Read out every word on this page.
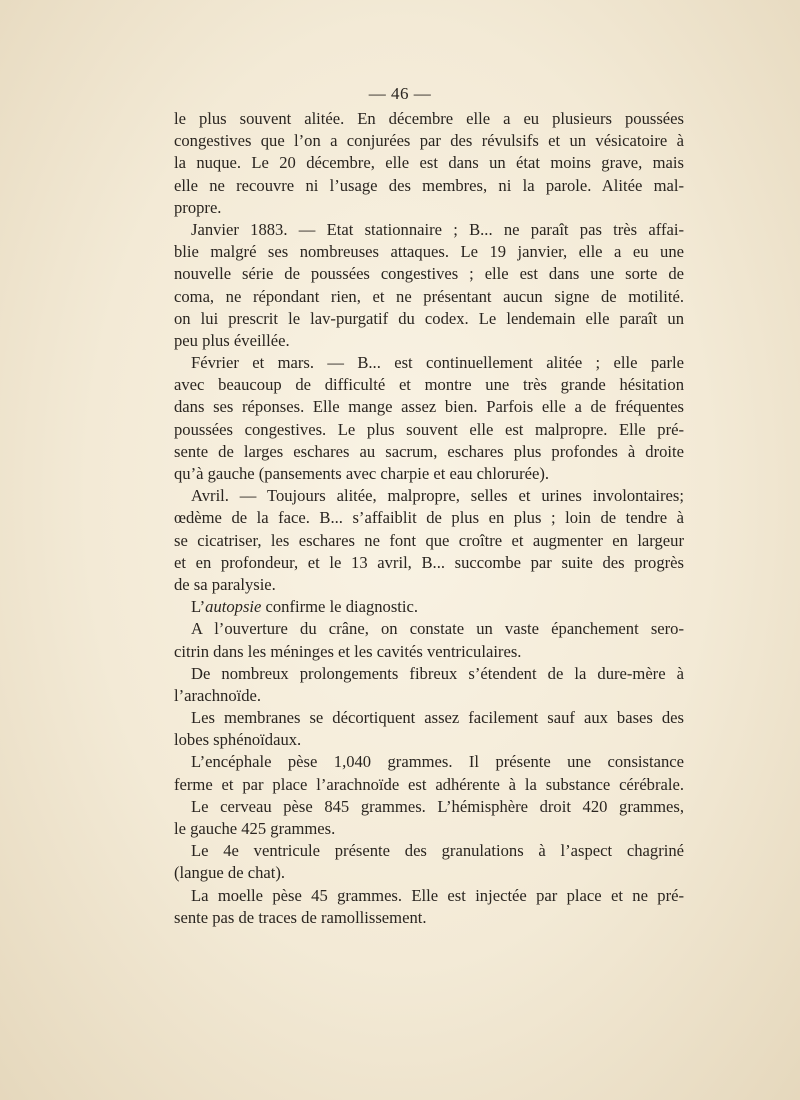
— 46 —
le plus souvent alitée. En décembre elle a eu plusieurs poussées
congestives que l’on a conjurées par des révulsifs et un vésicatoire à
la nuque. Le 20 décembre, elle est dans un état moins grave, mais
elle ne recouvre ni l’usage des membres, ni la parole. Alitée mal-
propre.
Janvier 1883. — Etat stationnaire ; B... ne paraît pas très affai-
blie malgré ses nombreuses attaques. Le 19 janvier, elle a eu une
nouvelle série de poussées congestives ; elle est dans une sorte de
coma, ne répondant rien, et ne présentant aucun signe de motilité.
on lui prescrit le lav-purgatif du codex. Le lendemain elle paraît un
peu plus éveillée.
Février et mars. — B... est continuellement alitée ; elle parle
avec beaucoup de difficulté et montre une très grande hésitation
dans ses réponses. Elle mange assez bien. Parfois elle a de fréquentes
poussées congestives. Le plus souvent elle est malpropre. Elle pré-
sente de larges eschares au sacrum, eschares plus profondes à droite
qu’à gauche (pansements avec charpie et eau chlorurée).
Avril. — Toujours alitée, malpropre, selles et urines involontaires;
œdème de la face. B... s’affaiblit de plus en plus ; loin de tendre à
se cicatriser, les eschares ne font que croître et augmenter en largeur
et en profondeur, et le 13 avril, B... succombe par suite des progrès
de sa paralysie.
L’autopsie confirme le diagnostic.
A l’ouverture du crâne, on constate un vaste épanchement sero-
citrin dans les méninges et les cavités ventriculaires.
De nombreux prolongements fibreux s’étendent de la dure-mère à
l’arachnoïde.
Les membranes se décortiquent assez facilement sauf aux bases des
lobes sphénoïdaux.
L’encéphale pèse 1,040 grammes. Il présente une consistance
ferme et par place l’arachnoïde est adhérente à la substance cérébrale.
Le cerveau pèse 845 grammes. L’hémisphère droit 420 grammes,
le gauche 425 grammes.
Le 4e ventricule présente des granulations à l’aspect chagriné
(langue de chat).
La moelle pèse 45 grammes. Elle est injectée par place et ne pré-
sente pas de traces de ramollissement.
